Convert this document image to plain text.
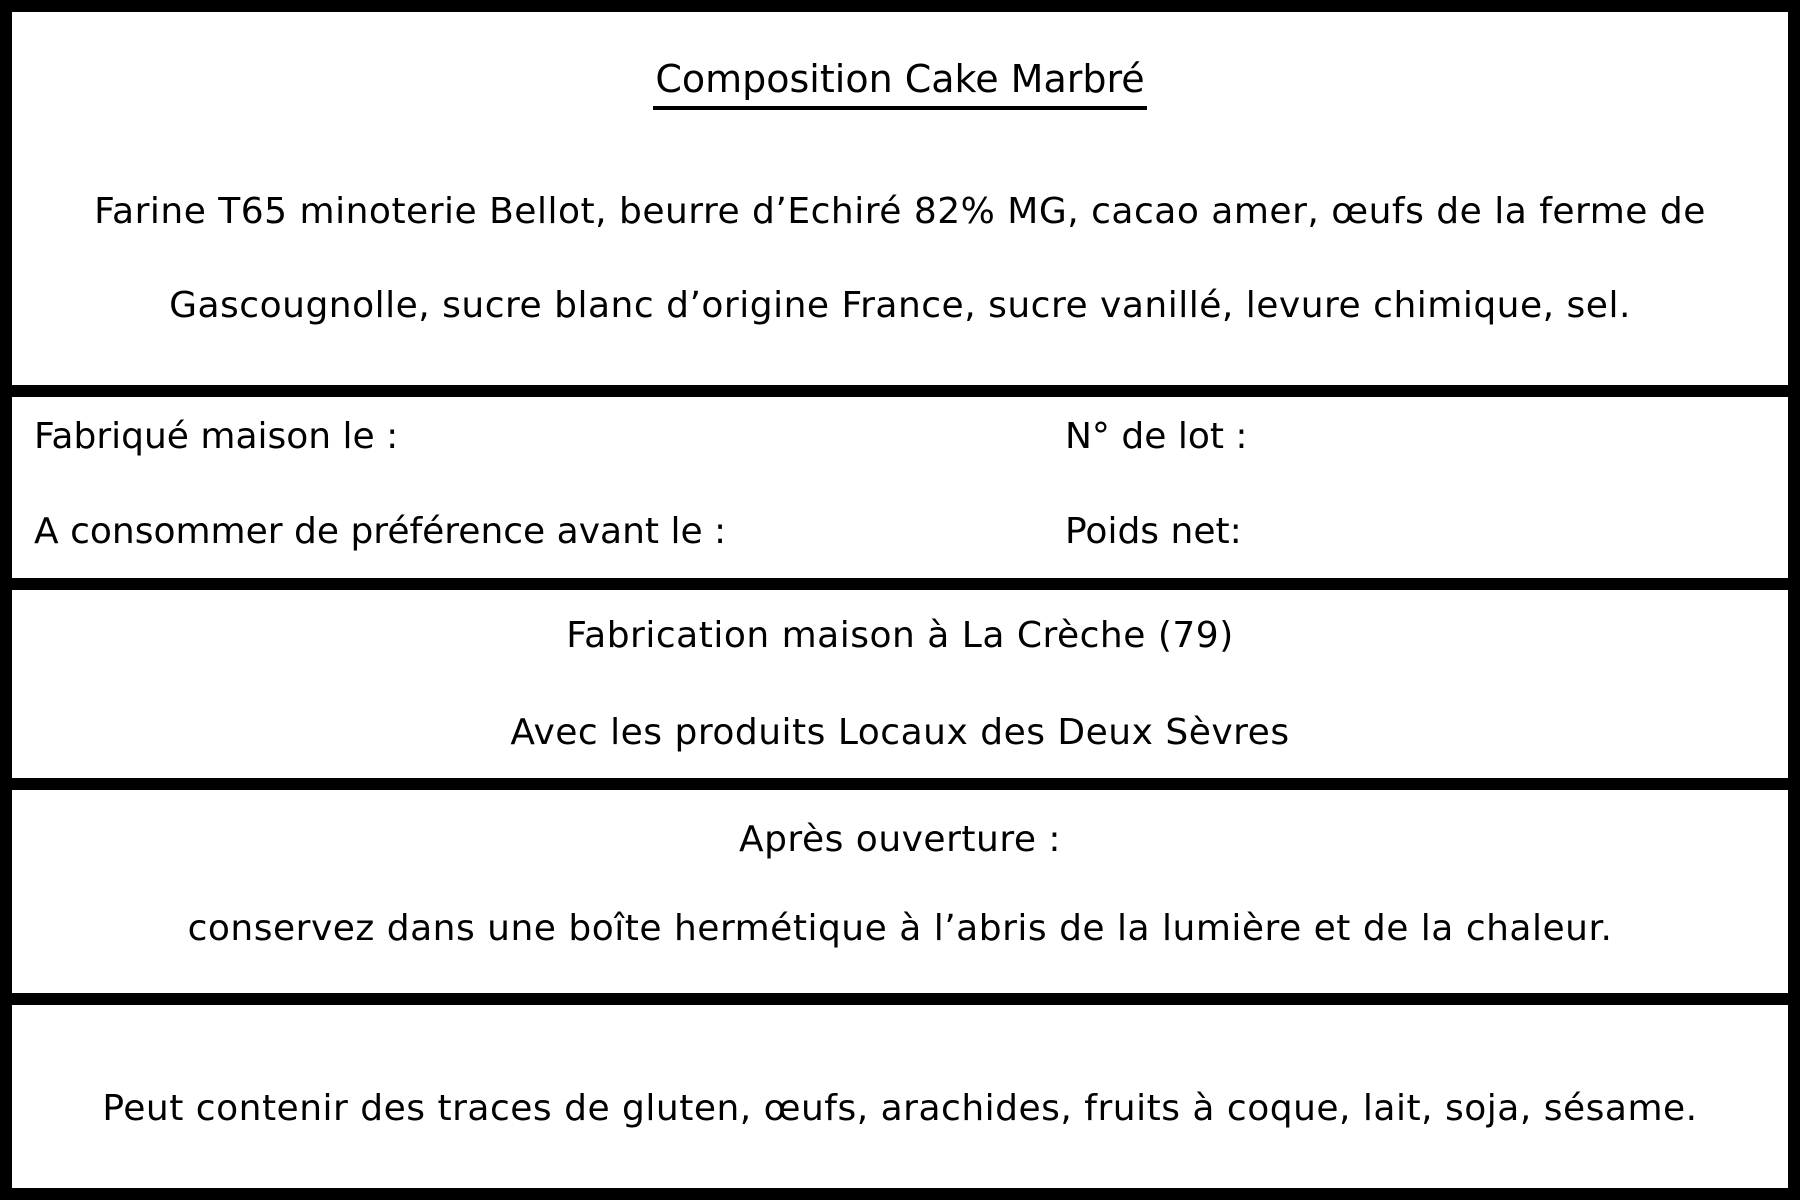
Composition Cake Marbré
Farine T65 minoterie Bellot, beurre d’Echiré 82% MG, cacao amer, œufs de la ferme de
Gascougnolle, sucre blanc d’origine France, sucre vanillé, levure chimique, sel.
Fabriqué maison le :
A consommer de préférence avant le :
N° de lot :
Poids net:
Fabrication maison à La Crèche (79)
Avec les produits Locaux des Deux Sèvres
Après ouverture :
conservez dans une boîte hermétique à l’abris de la lumière et de la chaleur.
Peut contenir des traces de gluten, œufs, arachides, fruits à coque, lait, soja, sésame.
